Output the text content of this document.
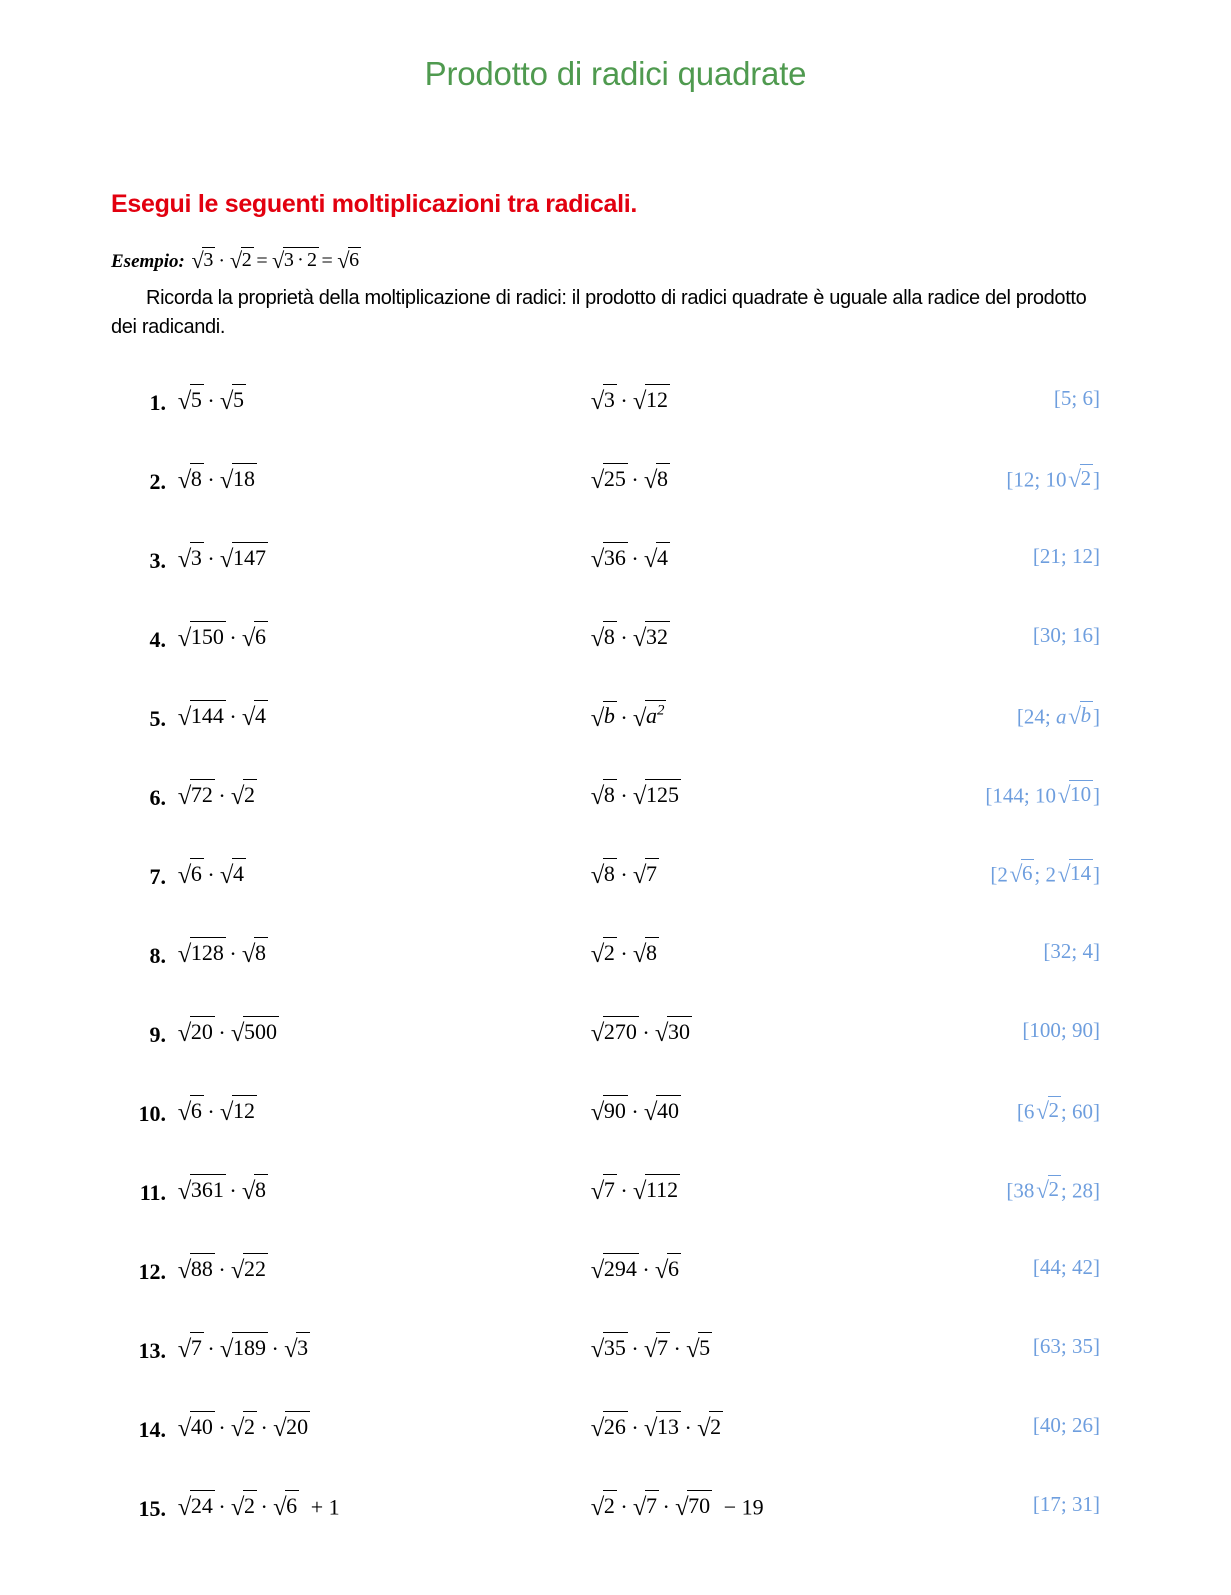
Prodotto di radici quadrate
Esegui le seguenti moltiplicazioni tra radicali.
Esempio: √3 · √2 = √3 · 2 = √6
Ricorda la proprietà della moltiplicazione di radici: il prodotto di radici quadrate è uguale alla radice del prodotto dei radicandi.
1. √5 · √5	√3 · √12	[5; 6]
2. √8 · √18	√25 · √8	[12; 10√2]
3. √3 · √147	√36 · √4	[21; 12]
4. √150 · √6	√8 · √32	[30; 16]
5. √144 · √4	$√b \cdot √a^2$	[24; a√b]
6. √72 · √2	√8 · √125	[144; 10√10]
7. √6 · √4	√8 · √7	[2√6; 2√14]
8. √128 · √8	√2 · √8	[32; 4]
9. √20 · √500	√270 · √30	[100; 90]
10. √6 · √12	√90 · √40	[6√2; 60]
11. √361 · √8	√7 · √112	[38√2; 28]
12. √88 · √22	√294 · √6	[44; 42]
13. √7 · √189 · √3	√35 · √7 · √5	[63; 35]
14. √40 · √2 · √20	√26 · √13 · √2	[40; 26]
15. √24 · √2 · √6 + 1	√2 · √7 · √70 − 19	[17; 31]
